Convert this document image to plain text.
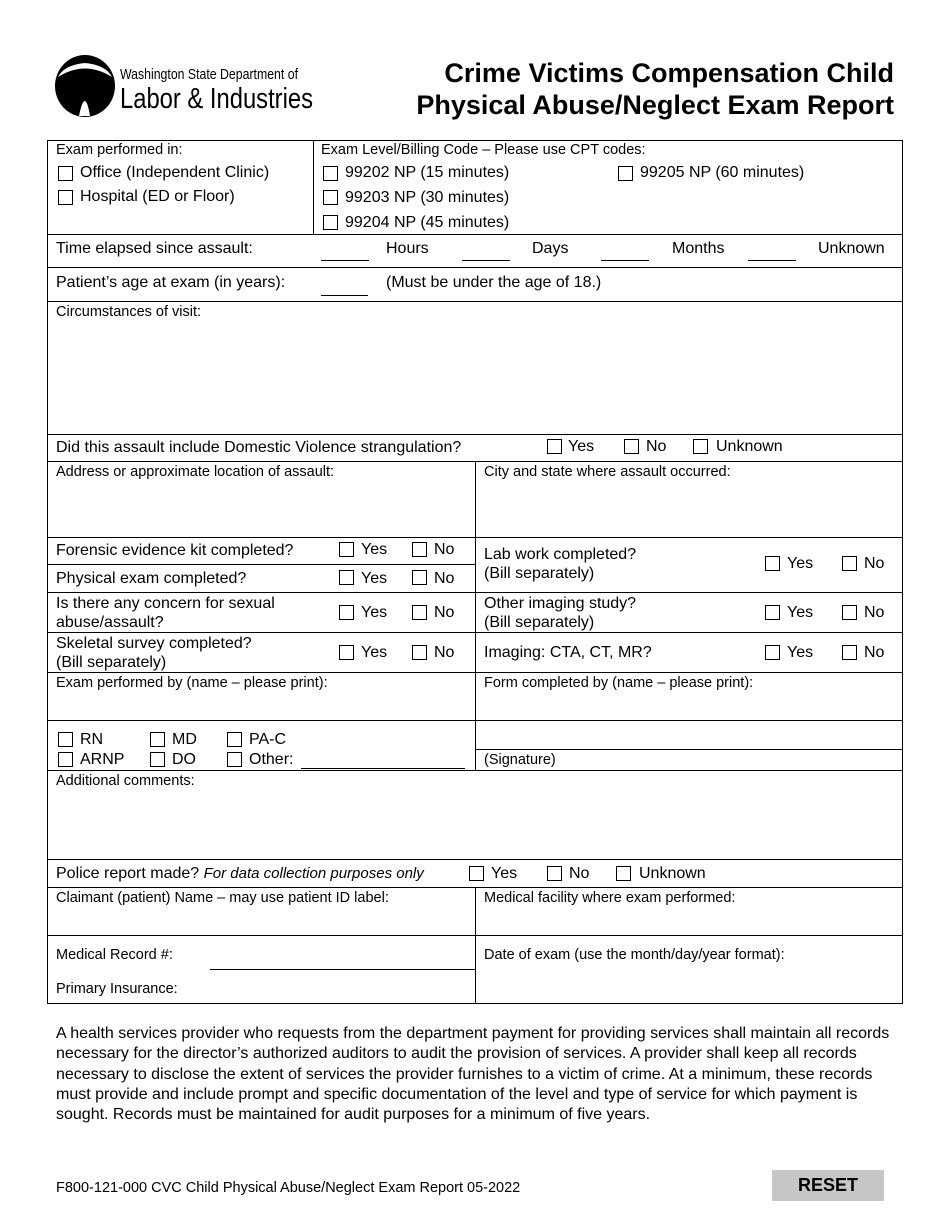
Washington State Department of
Labor & Industries
Crime Victims Compensation Child
Physical Abuse/Neglect Exam Report
Exam performed in:
Office (Independent Clinic)
Hospital (ED or Floor)
Exam Level/Billing Code – Please use CPT codes:
99202 NP (15 minutes)
99203 NP (30 minutes)
99204 NP (45 minutes)
99205 NP (60 minutes)
Time elapsed since assault:	Hours	Days	Months	Unknown
Patient’s age at exam (in years):	(Must be under the age of 18.)
Circumstances of visit:
Did this assault include Domestic Violence strangulation?	Yes	No	Unknown
Address or approximate location of assault:	City and state where assault occurred:
Forensic evidence kit completed?	Yes	No
Physical exam completed?	Yes	No
Is there any concern for sexual
abuse/assault?
Yes	No
Skeletal survey completed?
(Bill separately)
Yes	No
Lab work completed?
(Bill separately)
Yes	No
Other imaging study?
(Bill separately)
Yes	No
Imaging: CTA, CT, MR?	Yes	No
Exam performed by (name – please print):	Form completed by (name – please print):
RN	MD	PA-C
ARNP	DO	Other:	(Signature)
Additional comments:
Police report made? For data collection purposes only	Yes	No	Unknown
Claimant (patient) Name – may use patient ID label:	Medical facility where exam performed:
Medical Record #:
Primary Insurance:
Date of exam (use the month/day/year format):
A health services provider who requests from the department payment for providing services shall maintain all records necessary for the director’s authorized auditors to audit the provision of services. A provider shall keep all records necessary to disclose the extent of services the provider furnishes to a victim of crime. At a minimum, these records must provide and include prompt and specific documentation of the level and type of service for which payment is sought. Records must be maintained for audit purposes for a minimum of five years.
F800-121-000 CVC Child Physical Abuse/Neglect Exam Report 05-2022	RESET
